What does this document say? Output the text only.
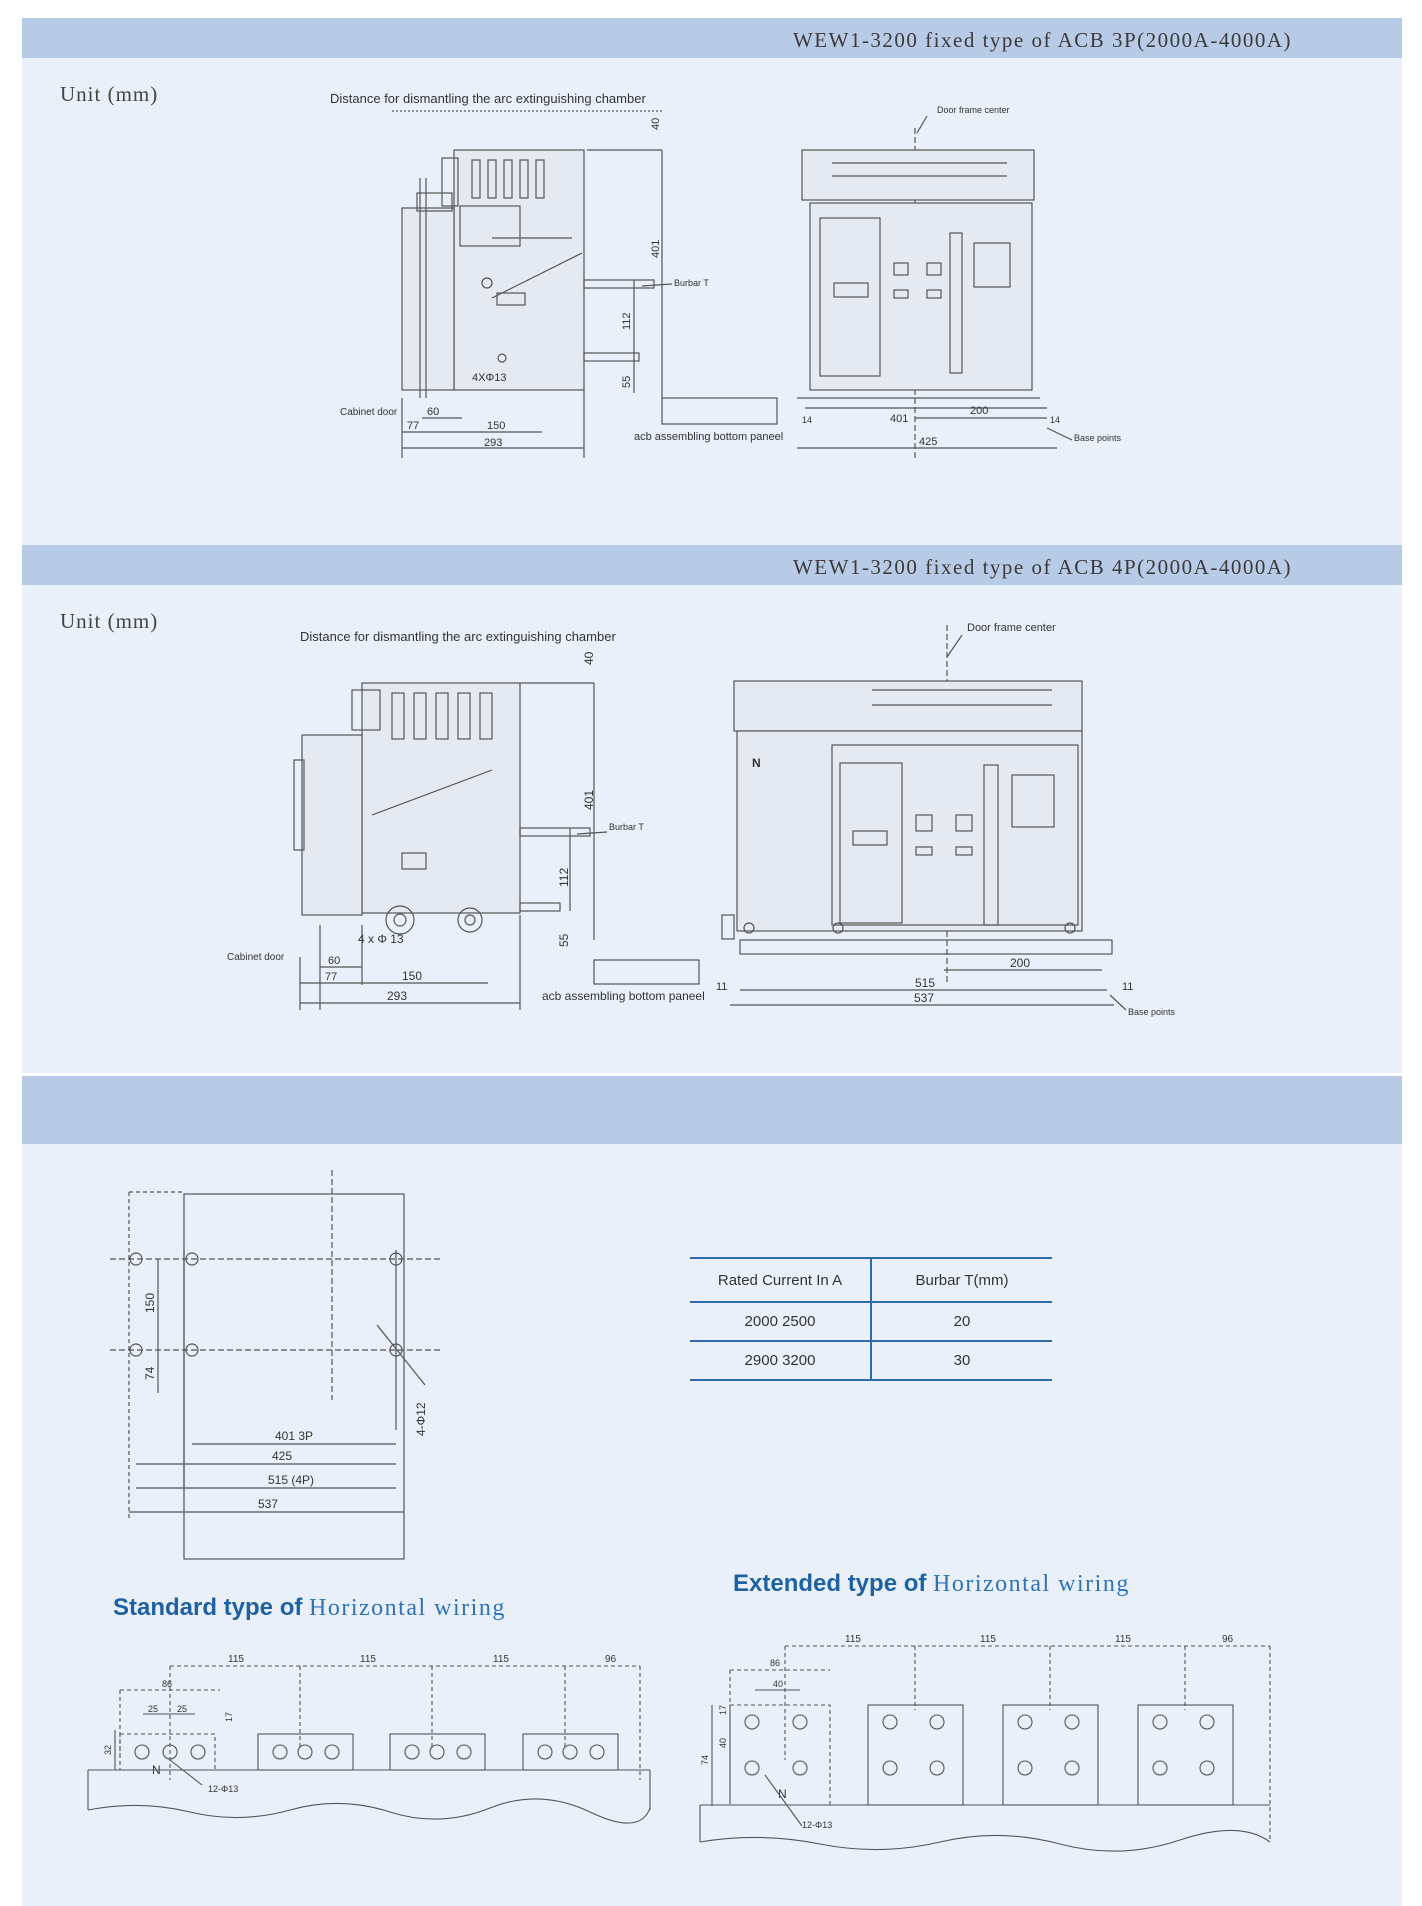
WEW1-3200 fixed type of ACB 3P(2000A-4000A)
Unit (mm)	Distance for dismantling the arc extinguishing chamber
4XΦ13
Cabinet door
40
401
112
55
Burbar T
60
77	150
293	acb assembling bottom paneel
Door frame center
14	401
200
14
425	Base points
WEW1-3200 fixed type of ACB 4P(2000A-4000A)
Unit (mm)
Distance for dismantling the arc extinguishing chamber
4 x Φ 13
Cabinet door	60
77	150
293
40
401
112
55
Burbar T
acb assembling bottom paneel
Door frame center
N
200
11	515	11
537
Base points
150
74
4-Φ12
401 3P
425
515 (4P)
537
Rated Current In A	Burbar T(mm)
2000 2500	20
2900 3200	30
Standard type of Horizontal wiring
Extended type of Horizontal wiring
115	115	115	96
86
25 25
17
32
N
12-Φ13
115	115	115	96
86
40
17
40
74
N
12-Φ13
